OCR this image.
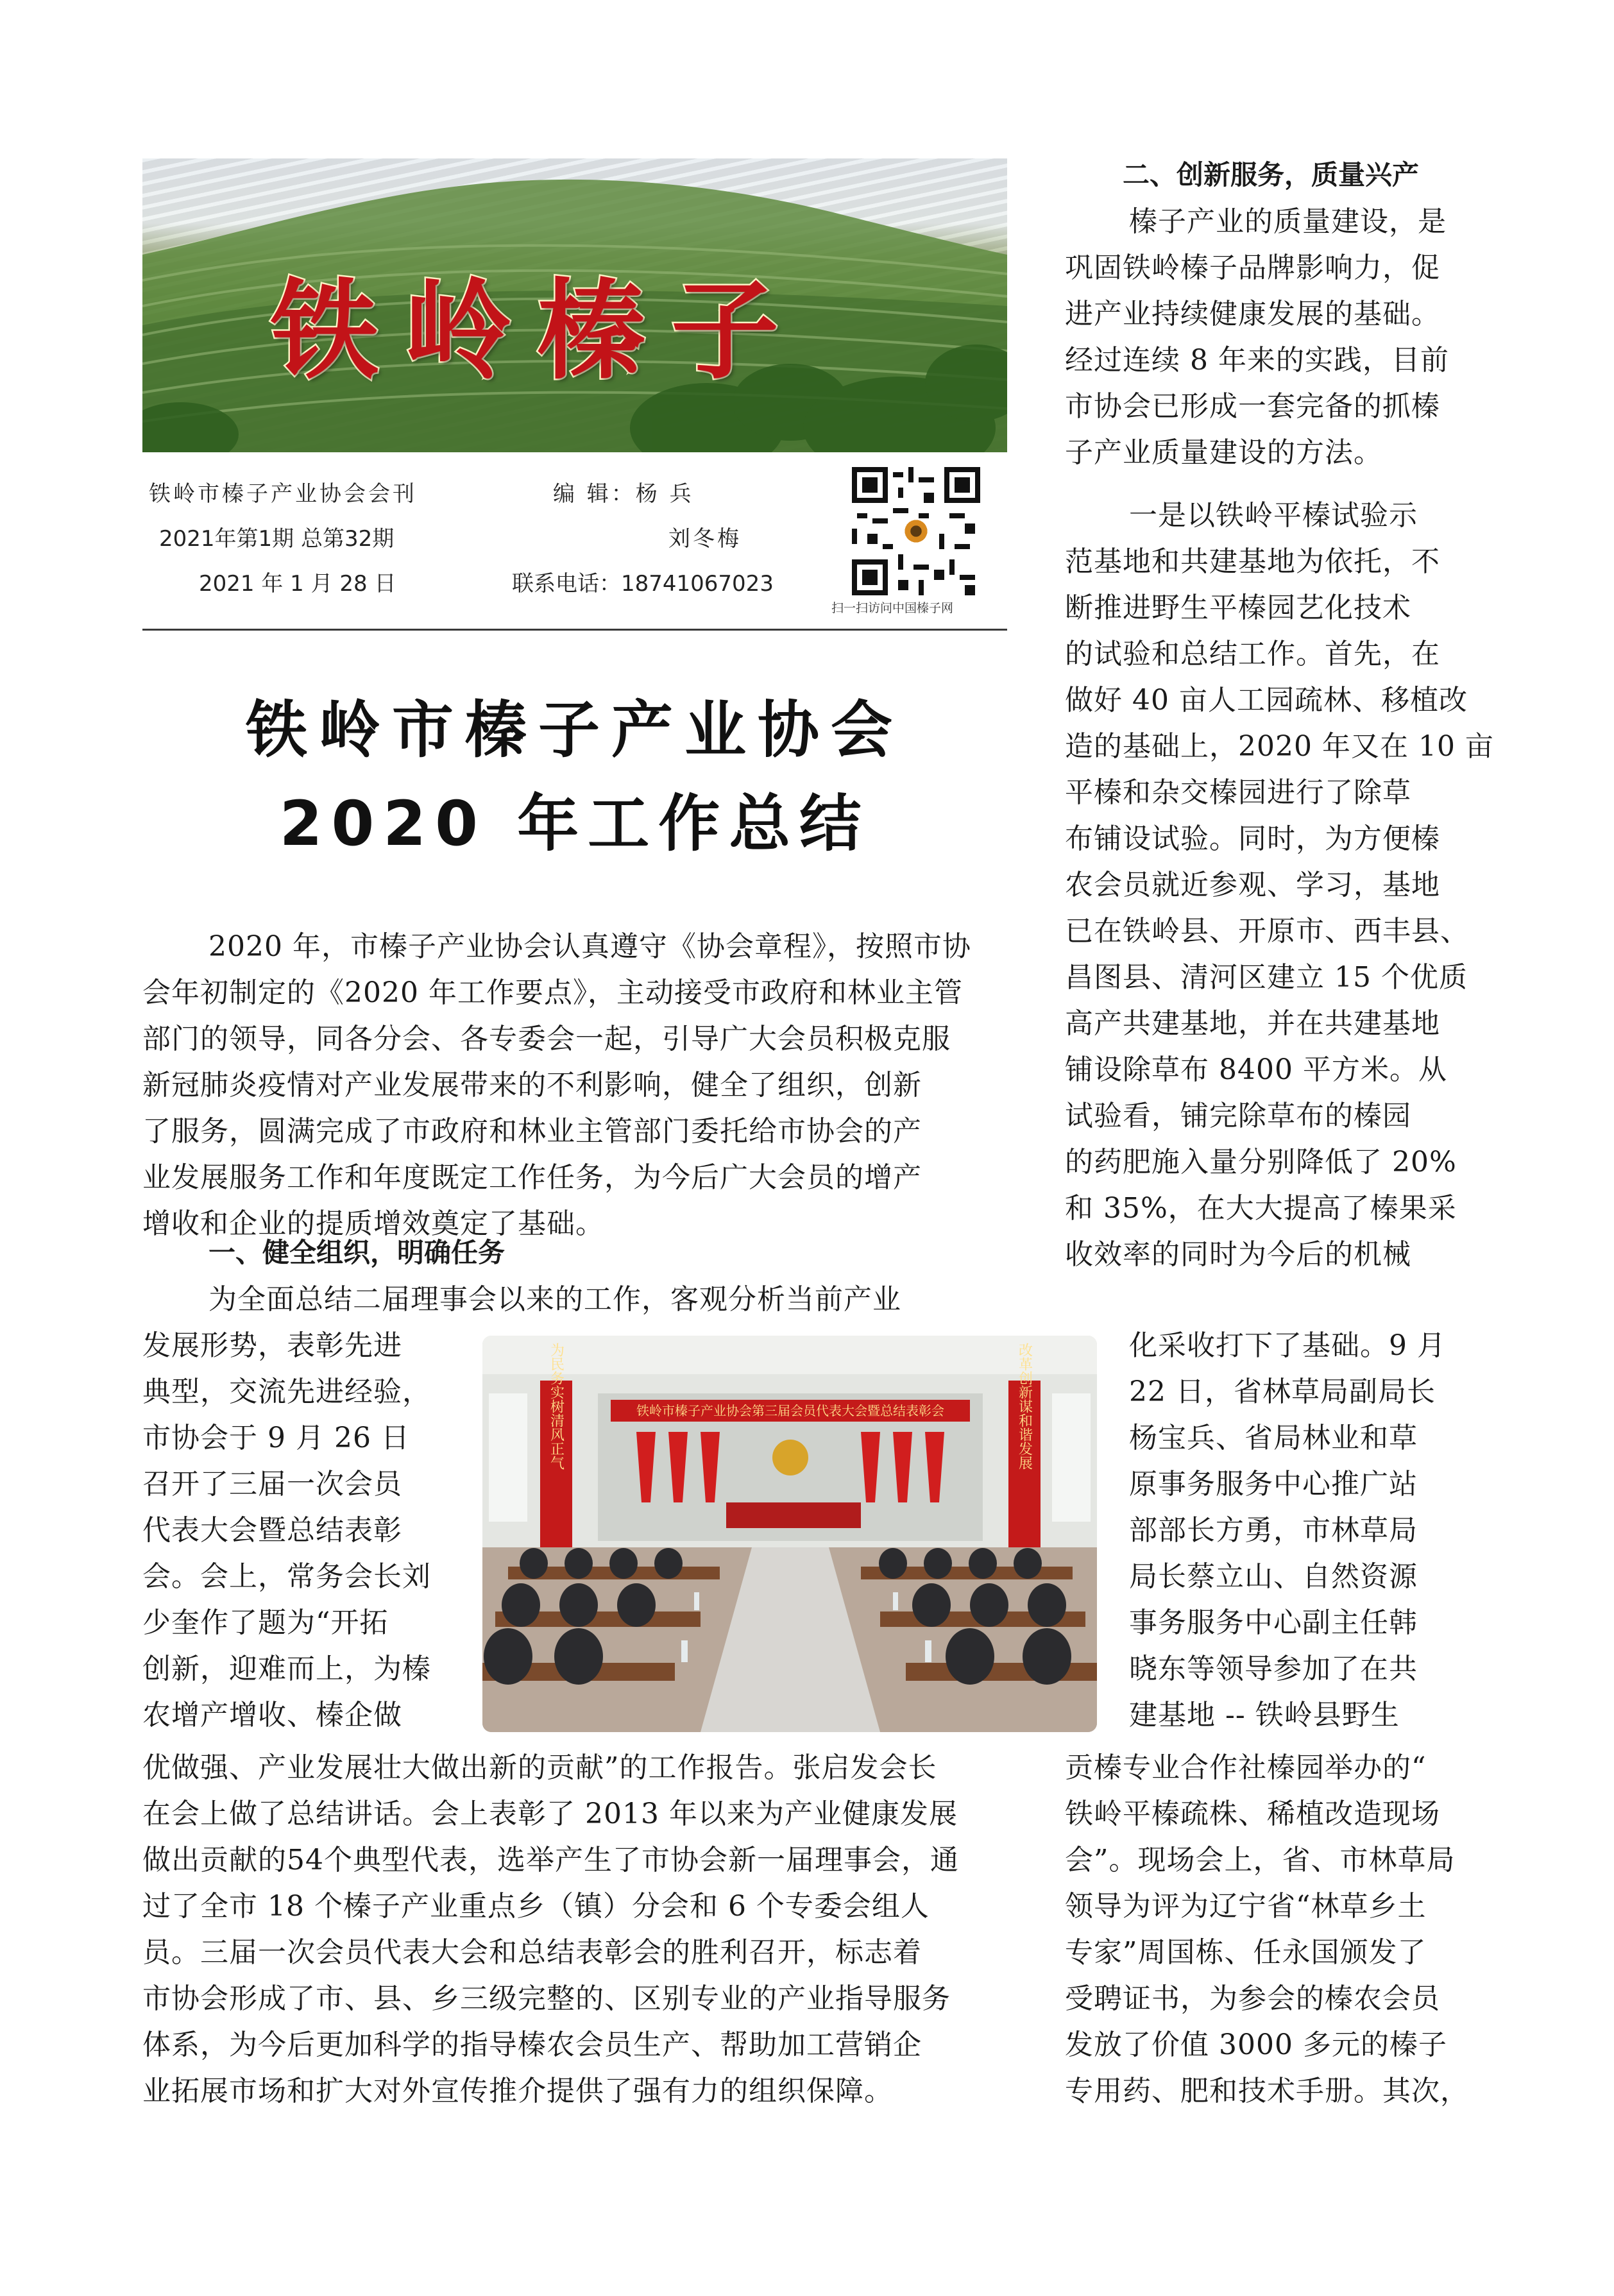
铁岭榛子
铁岭市榛子产业协会会刊
2021年第1期 总第32期
2021 年 1 月 28 日
编 辑：杨 兵
刘冬梅
联系电话：18741067023
扫一扫访问中国榛子网
铁岭市榛子产业协会
2020 年工作总结
2020 年，市榛子产业协会认真遵守《协会章程》，按照市协
会年初制定的《2020 年工作要点》，主动接受市政府和林业主管
部门的领导，同各分会、各专委会一起，引导广大会员积极克服
新冠肺炎疫情对产业发展带来的不利影响，健全了组织，创新
了服务，圆满完成了市政府和林业主管部门委托给市协会的产
业发展服务工作和年度既定工作任务，为今后广大会员的增产
增收和企业的提质增效奠定了基础。
一、健全组织，明确任务
为全面总结二届理事会以来的工作，客观分析当前产业
发展形势，表彰先进
典型，交流先进经验，
市协会于 9 月 26 日
召开了三届一次会员
代表大会暨总结表彰
会。会上，常务会长刘
少奎作了题为“开拓
创新，迎难而上，为榛
农增产增收、榛企做
优做强、产业发展壮大做出新的贡献”的工作报告。张启发会长
在会上做了总结讲话。会上表彰了 2013 年以来为产业健康发展
做出贡献的54个典型代表，选举产生了市协会新一届理事会，通
过了全市 18 个榛子产业重点乡（镇）分会和 6 个专委会组人
员。三届一次会员代表大会和总结表彰会的胜利召开，标志着
市协会形成了市、县、乡三级完整的、区别专业的产业指导服务
体系，为今后更加科学的指导榛农会员生产、帮助加工营销企
业拓展市场和扩大对外宣传推介提供了强有力的组织保障。
二、创新服务，质量兴产
榛子产业的质量建设，是
巩固铁岭榛子品牌影响力，促
进产业持续健康发展的基础。
经过连续 8 年来的实践，目前
市协会已形成一套完备的抓榛
子产业质量建设的方法。
一是以铁岭平榛试验示
范基地和共建基地为依托，不
断推进野生平榛园艺化技术
的试验和总结工作。首先，在
做好 40 亩人工园疏林、移植改
造的基础上，2020 年又在 10 亩
平榛和杂交榛园进行了除草
布铺设试验。同时，为方便榛
农会员就近参观、学习，基地
已在铁岭县、开原市、西丰县、
昌图县、清河区建立 15 个优质
高产共建基地，并在共建基地
铺设除草布 8400 平方米。从
试验看，铺完除草布的榛园
的药肥施入量分别降低了 20%
和 35%，在大大提高了榛果采
收效率的同时为今后的机械
化采收打下了基础。9 月
22 日，省林草局副局长
杨宝兵、省局林业和草
原事务服务中心推广站
部部长方勇，市林草局
局长蔡立山、自然资源
事务服务中心副主任韩
晓东等领导参加了在共
建基地 -- 铁岭县野生
贡榛专业合作社榛园举办的“
铁岭平榛疏株、稀植改造现场
会”。现场会上，省、市林草局
领导为评为辽宁省“林草乡土
专家”周国栋、任永国颁发了
受聘证书，为参会的榛农会员
发放了价值 3000 多元的榛子
专用药、肥和技术手册。其次，
铁岭市榛子产业协会第三届会员代表大会暨总结表彰会
为民务实树清风正气	改革创新谋和谐发展
